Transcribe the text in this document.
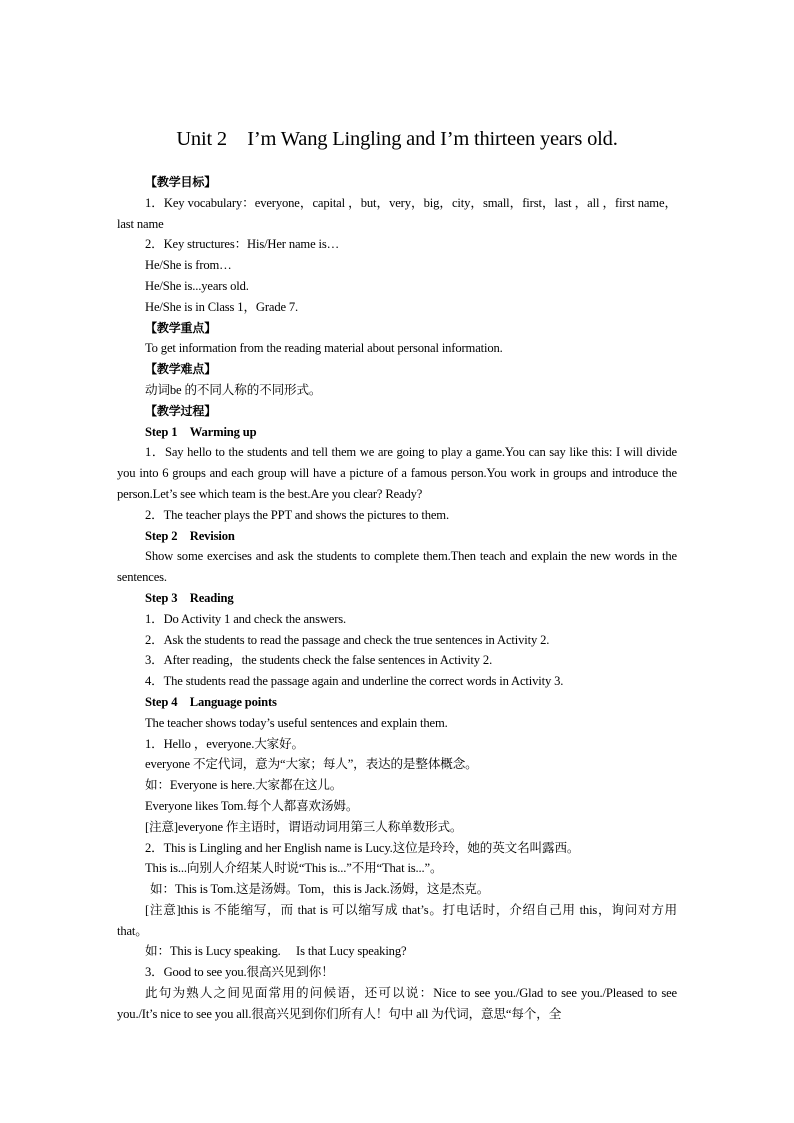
Unit 2　I’m Wang Lingling and I’m thirteen years old.

【教学目标】

1．Key vocabulary：everyone，capital ，but，very，big，city，small，first，last ，all ，first name，last name

2．Key structures：His/Her name is…

He/She is from…

He/She is...years old.

He/She is in Class 1，Grade 7.

【教学重点】

To get information from the reading material about personal information.

【教学难点】

动词be 的不同人称的不同形式。

【教学过程】

Step 1　Warming up

1．Say hello to the students and tell them we are going to play a game.You can say like this: I will divide you into 6 groups and each group will have a picture of a famous person.You work in groups and introduce the person.Let’s see which team is the best.Are you clear? Ready?

2．The teacher plays the PPT and shows the pictures to them.

Step 2　Revision

Show some exercises and ask the students to complete them.Then teach and explain the new words in the sentences.

Step 3　Reading

1．Do Activity 1 and check the answers.

2．Ask the students to read the passage and check the true sentences in Activity 2.

3．After reading，the students check the false sentences in Activity 2.

4．The students read the passage again and underline the correct words in Activity 3.

Step 4　Language points

The teacher shows today’s useful sentences and explain them.

1．Hello ，everyone.大家好。

everyone 不定代词，意为“大家；每人”，表达的是整体概念。

如：Everyone is here.大家都在这儿。

Everyone likes Tom.每个人都喜欢汤姆。

[注意]everyone 作主语时，谓语动词用第三人称单数形式。

2．This is Lingling and her English name is Lucy.这位是玲玲，她的英文名叫露西。

This is...向别人介绍某人时说“This is...”不用“That is...”。

如：This is Tom.这是汤姆。Tom，this is Jack.汤姆，这是杰克。

[注意]this is 不能缩写，而 that is 可以缩写成 that’s。打电话时，介绍自己用 this，询问对方用 that。

如：This is Lucy speaking.　 Is that Lucy speaking?

3．Good to see you.很高兴见到你！

此句为熟人之间见面常用的问候语，还可以说：Nice to see you./Glad to see you./Pleased to see you./It’s nice to see you all.很高兴见到你们所有人！句中 all 为代词，意思“每个，全
